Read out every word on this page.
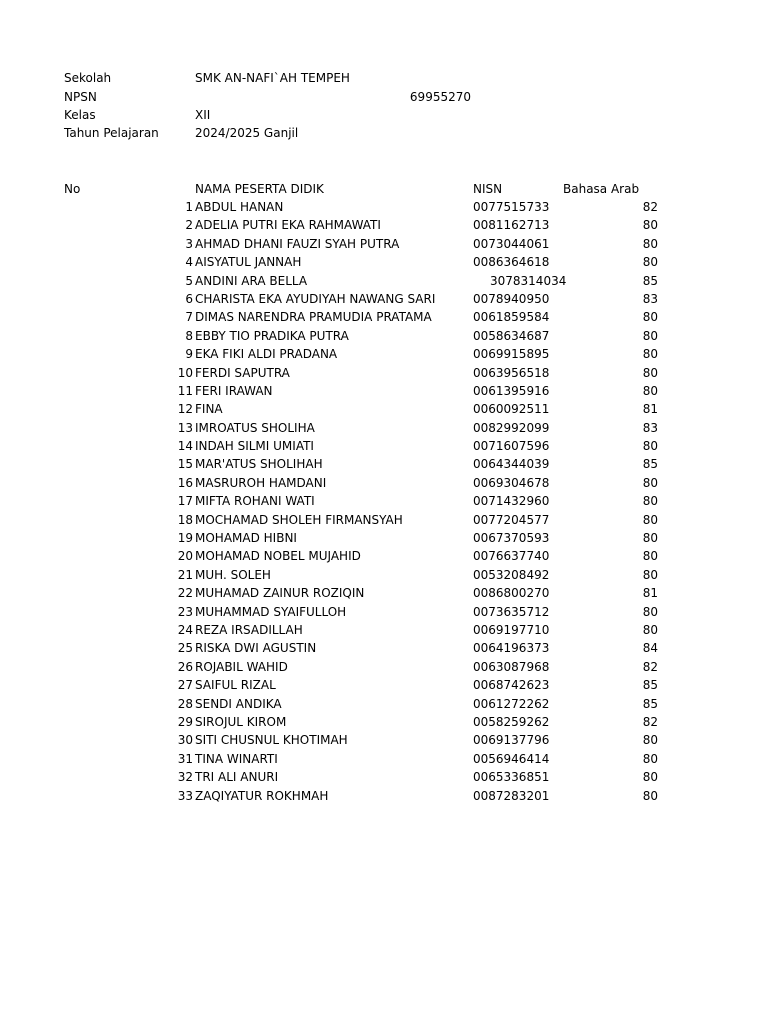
Sekolah	SMK AN-NAFI`AH TEMPEH
NPSN	69955270
Kelas	XII
Tahun Pelajaran	2024/2025 Ganjil
No	NAMA PESERTA DIDIK	NISN	Bahasa Arab
1 ABDUL HANAN	0077515733	82
2 ADELIA PUTRI EKA RAHMAWATI	0081162713	80
3 AHMAD DHANI FAUZI SYAH PUTRA	0073044061	80
4 AISYATUL JANNAH	0086364618	80
5 ANDINI ARA BELLA	3078314034	85
6 CHARISTA EKA AYUDIYAH NAWANG SARI	0078940950	83
7 DIMAS NARENDRA PRAMUDIA PRATAMA	0061859584	80
8 EBBY TIO PRADIKA PUTRA	0058634687	80
9 EKA FIKI ALDI PRADANA	0069915895	80
10 FERDI SAPUTRA	0063956518	80
11 FERI IRAWAN	0061395916	80
12 FINA	0060092511	81
13 IMROATUS SHOLIHA	0082992099	83
14 INDAH SILMI UMIATI	0071607596	80
15 MAR'ATUS SHOLIHAH	0064344039	85
16 MASRUROH HAMDANI	0069304678	80
17 MIFTA ROHANI WATI	0071432960	80
18 MOCHAMAD SHOLEH FIRMANSYAH	0077204577	80
19 MOHAMAD HIBNI	0067370593	80
20 MOHAMAD NOBEL MUJAHID	0076637740	80
21 MUH. SOLEH	0053208492	80
22 MUHAMAD ZAINUR ROZIQIN	0086800270	81
23 MUHAMMAD SYAIFULLOH	0073635712	80
24 REZA IRSADILLAH	0069197710	80
25 RISKA DWI AGUSTIN	0064196373	84
26 ROJABIL WAHID	0063087968	82
27 SAIFUL RIZAL	0068742623	85
28 SENDI ANDIKA	0061272262	85
29 SIROJUL KIROM	0058259262	82
30 SITI CHUSNUL KHOTIMAH	0069137796	80
31 TINA WINARTI	0056946414	80
32 TRI ALI ANURI	0065336851	80
33 ZAQIYATUR ROKHMAH	0087283201	80
